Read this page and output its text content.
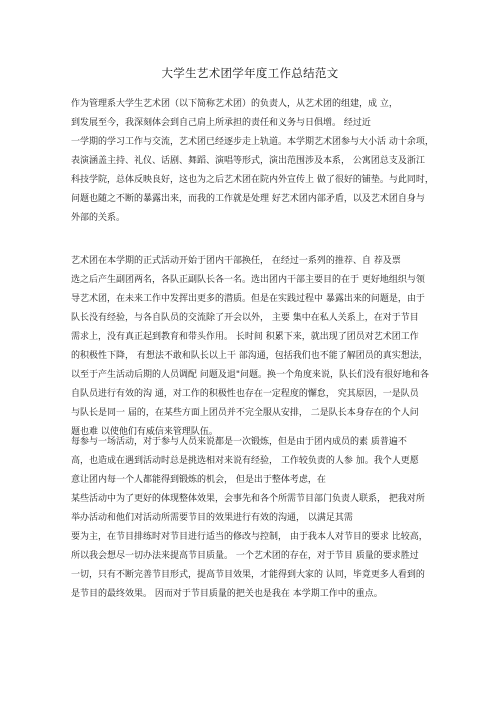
大学生艺术团学年度工作总结范文
作为管理系大学生艺术团（以下简称艺术团）的负责人，从艺术团的组建，成 立，
到发展至今，我深刻体会到自己肩上所承担的责任和义务与日俱增。 经过近
一学期的学习工作与交流，艺术团已经逐步走上轨道。本学期艺术团参与大小活 动十余项，
表演涵盖主持、礼仪、话剧、舞蹈、演唱等形式，演出范围涉及本系， 公寓团总支及浙江
科技学院，总体反映良好，这也为之后艺术团在院内外宣传上 做了很好的铺垫。与此同时，
问题也随之不断的暴露出来，而我的工作就是处理 好艺术团内部矛盾，以及艺术团自身与
外部的关系。
艺术团在本学期的正式活动开始于团内干部换任， 在经过一系列的推荐、自 荐及票
选之后产生副团两名，各队正副队长各一名。选出团内干部主要目的在于 更好地组织与领
导艺术团，在未来工作中发挥出更多的潜质。但是在实践过程中 暴露出来的问题是，由于
队长没有经验，与各自队员的交流除了开会以外， 主要 集中在私人关系上，在对于节目
需求上，没有真正起到教育和带头作用。 长时间 积累下来，就出现了团员对艺术团工作
的积极性下降， 有想法不敢和队长以上干 部沟通，包括我们也不能了解团员的真实想法，
以至于产生活动后期的人员调配 问题及退"问题。换一个角度来说，队长们没有很好地和各
自队员进行有效的沟 通，对工作的积极性也存在一定程度的懈怠， 究其原因，一是队员
与队长是同一 届的，在某些方面上团员并不完全服从安排， 二是队长本身存在的个人问
题也难 以使他们有威信来管理队伍。
每参与一场活动，对于参与人员来说都是一次锻炼，但是由于团内成员的素 质普遍不
高，也造成在遇到活动时总是挑选相对来说有经验， 工作较负责的人参 加。我个人更愿
意让团内每一个人都能得到锻炼的机会， 但是出于整体考虑，在
某些活动中为了更好的体现整体效果，会事先和各个所需节目部门负责人联系， 把我对所
举办活动和他们对活动所需要节目的效果进行有效的沟通， 以满足其需
要为主，在节目排练时对节目进行适当的修改与控制， 由于我本人对节目的要求 比较高，
所以我会想尽一切办法来提高节目质量。 一个艺术团的存在，对于节目 质量的要求胜过
一切，只有不断完善节目形式，提高节目效果，才能得到大家的 认同，毕竟更多人看到的
是节目的最终效果。 因而对于节目质量的把关也是我在 本学期工作中的重点。
